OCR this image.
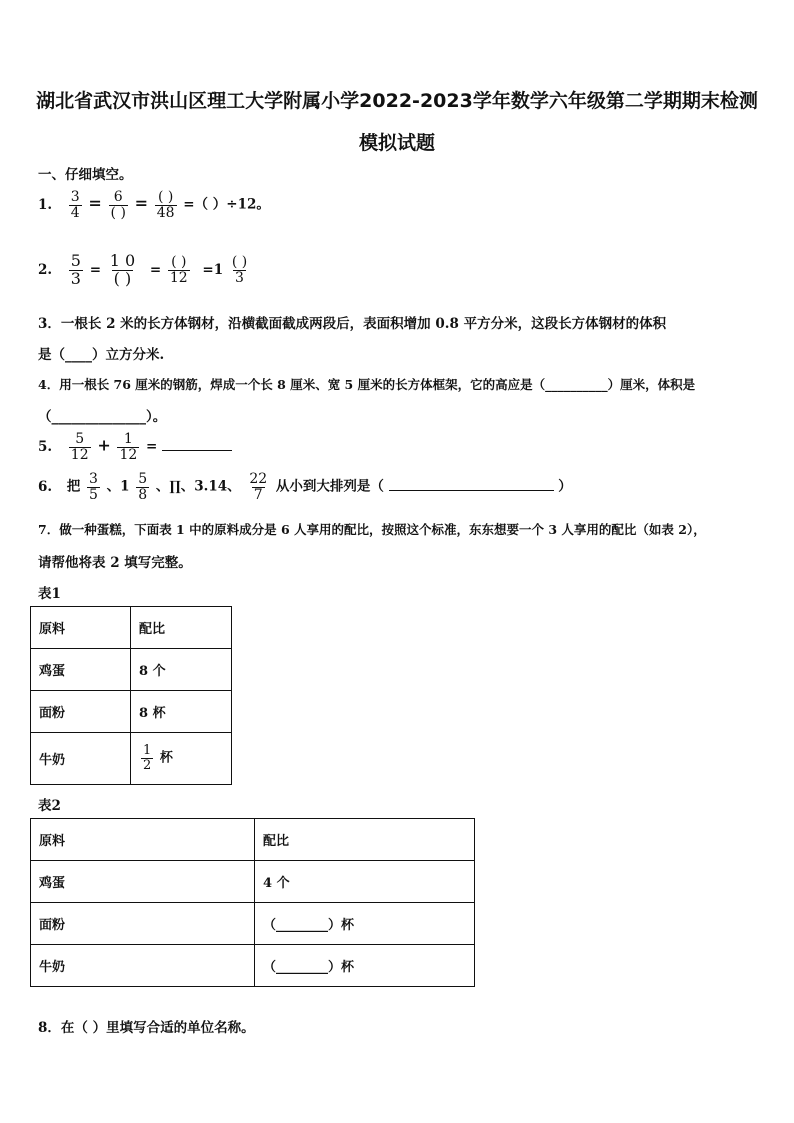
湖北省武汉市洪山区理工大学附属小学2022-2023学年数学六年级第二学期期末检测
模拟试题
一、仔细填空。
1. $\frac{3}{4} = \frac{6}{( )} = \frac{( )}{48}$ =（ ）÷12。
2. $\frac{5}{3} = \frac{1 0}{( )} = \frac{( )}{12} =1 \frac{( )}{3}$
3．一根长 2 米的长方体钢材，沿横截面截成两段后，表面积增加 0.8 平方分米，这段长方体钢材的体积
是（____）立方分米.
4．用一根长 76 厘米的钢筋，焊成一个长 8 厘米、宽 5 厘米的长方体框架，它的高应是（__________）厘米，体积是
（______________）。
5. $\frac{5}{12} + \frac{1}{12}$ =
6. 把 $\frac{3}{5}$ 、$1 \frac{5}{8}$ 、∏、3.14、 $\frac{22}{7}$ 从小到大排列是（	）
7．做一种蛋糕，下面表 1 中的原料成分是 6 人享用的配比，按照这个标准，东东想要一个 3 人享用的配比（如表 2），
请帮他将表 2 填写完整。
表1
原料	配比
鸡蛋	8 个
面粉	8 杯
牛奶	$\frac{1}{2}$ 杯
表2
原料	配比
鸡蛋	4 个
面粉	（________）杯
牛奶	（________）杯
8．在（ ）里填写合适的单位名称。
